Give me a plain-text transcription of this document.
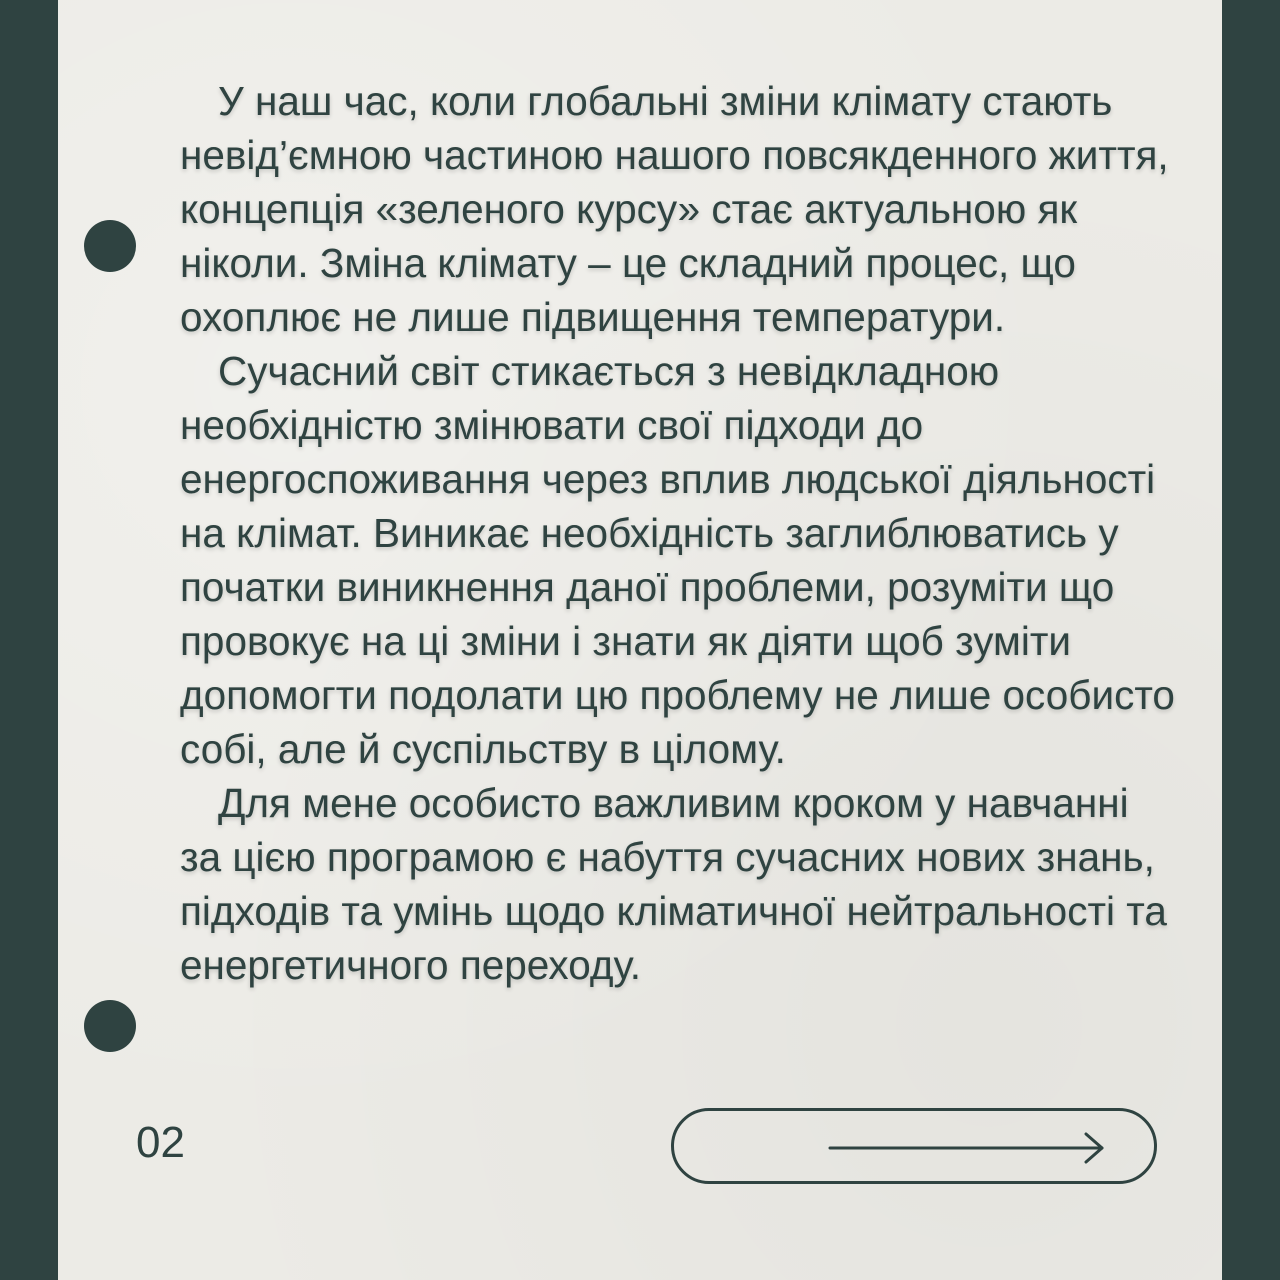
У наш час, коли глобальні зміни клімату стають невід’ємною частиною нашого повсякденного життя, концепція «зеленого курсу» стає актуальною як ніколи. Зміна клімату – це складний процес, що охоплює не лише підвищення температури.

Сучасний світ стикається з невідкладною необхідністю змінювати свої підходи до енергоспоживання через вплив людської діяльності на клімат. Виникає необхідність заглиблюватись у початки виникнення даної проблеми, розуміти що провокує на ці зміни і знати як діяти щоб зуміти допомогти подолати цю проблему не лише особисто собі, але й суспільству в цілому.

Для мене особисто важливим кроком у навчанні за цією програмою є набуття сучасних нових знань, підходів та умінь щодо кліматичної нейтральності та енергетичного переходу.

02
